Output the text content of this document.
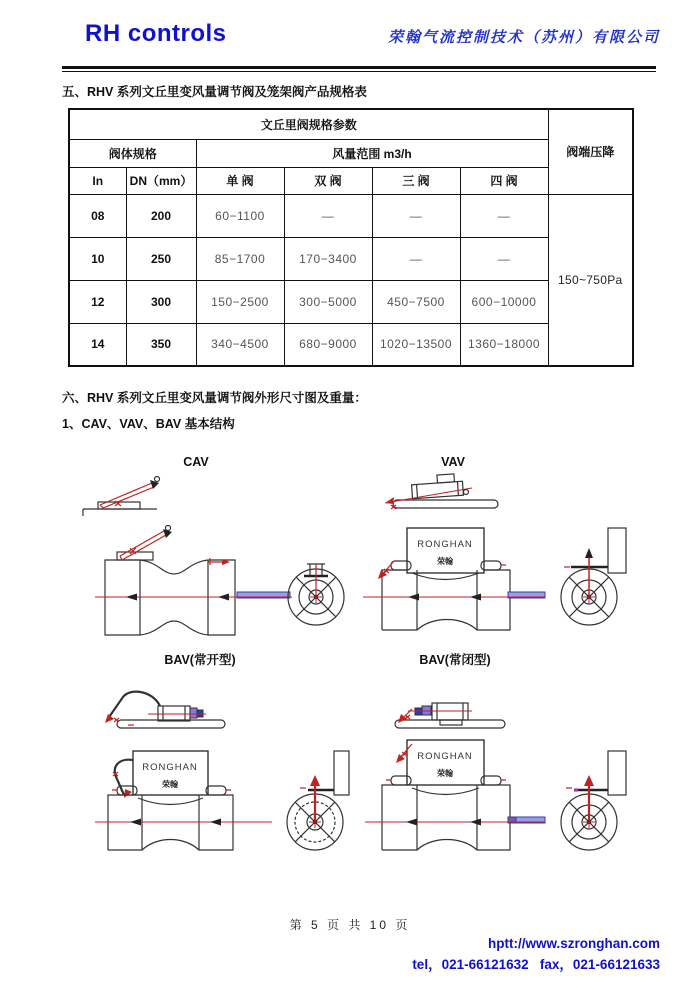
RH controls	荣翰气流控制技术（苏州）有限公司
五、RHV 系列文丘里变风量调节阀及笼架阀产品规格表
文丘里阀规格参数						阀端压降
阀体规格		风量范围 m3/h				
In	DN（mm）	单 阀	双 阀	三 阀	四 阀	
08	200	60−1100	—	—	—	150~750Pa
10	250	85−1700	170−3400	—	—	
12	300	150−2500	300−5000	450−7500	600−10000	
14	350	340−4500	680−9000	1020−13500	1360−18000	
六、RHV 系列文丘里变风量调节阀外形尺寸图及重量：
1、CAV、VAV、BAV 基本结构
CAV	VAV
BAV(常开型)	BAV(常闭型)
RONGHAN
荣翰
RONGHAN
荣翰
RONGHAN
荣翰
第 5 页 共 10 页
hptt://www.szronghan.com
tel，021-66121632   fax，021-66121633
